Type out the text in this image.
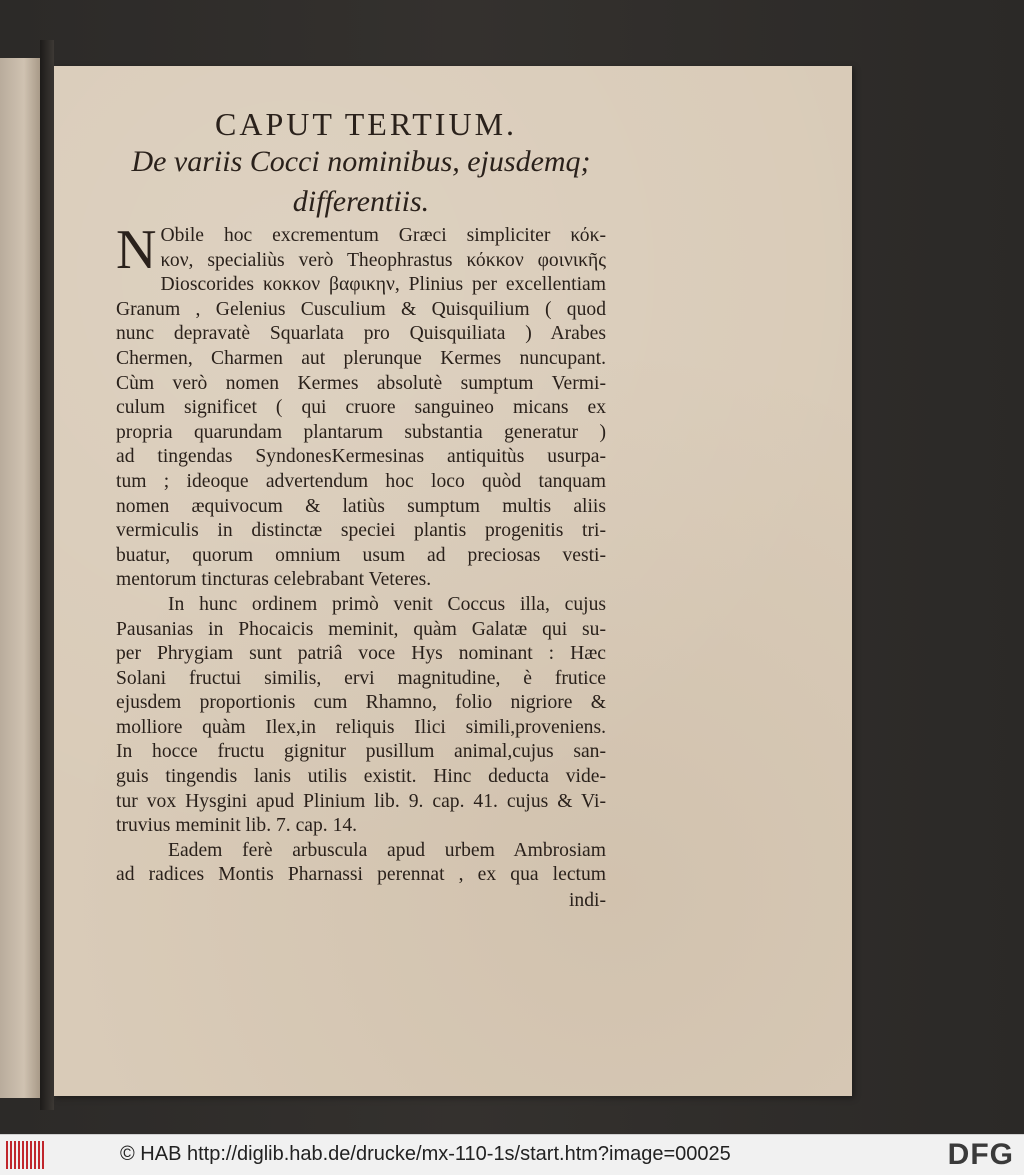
CAPUT TERTIUM.
De variis Cocci nominibus, ejusdemq;
differentiis.
N Obile hoc excrementum Græci simpliciter κόκ-
κον, specialiùs verò Theophrastus κόκκον φοινικῆς
Dioscorides κοκκον βαφικην, Plinius per excellentiam
Granum , Gelenius Cusculium & Quisquilium ( quod
nunc depravatè Squarlata pro Quisquiliata ) Arabes
Chermen, Charmen aut plerunque Kermes nuncupant.
Cùm verò nomen Kermes absolutè sumptum Vermi-
culum significet ( qui cruore sanguineo micans ex
propria quarundam plantarum substantia generatur )
ad tingendas SyndonesKermesinas antiquitùs usurpa-
tum ; ideoque advertendum hoc loco quòd tanquam
nomen æquivocum & latiùs sumptum multis aliis
vermiculis in distinctæ speciei plantis progenitis tri-
buatur, quorum omnium usum ad preciosas vesti-
mentorum tincturas celebrabant Veteres.
In hunc ordinem primò venit Coccus illa, cujus
Pausanias in Phocaicis meminit, quàm Galatæ qui su-
per Phrygiam sunt patriâ voce Hys nominant : Hæc
Solani fructui similis, ervi magnitudine, è frutice
ejusdem proportionis cum Rhamno, folio nigriore &
molliore quàm Ilex,in reliquis Ilici simili,proveniens.
In hocce fructu gignitur pusillum animal,cujus san-
guis tingendis lanis utilis existit. Hinc deducta vide-
tur vox Hysgini apud Plinium lib. 9. cap. 41. cujus & Vi-
truvius meminit lib. 7. cap. 14.
Eadem ferè arbuscula apud urbem Ambrosiam
ad radices Montis Pharnassi perennat , ex qua lectum
indi-
© HAB http://diglib.hab.de/drucke/mx-110-1s/start.htm?image=00025	DFG
